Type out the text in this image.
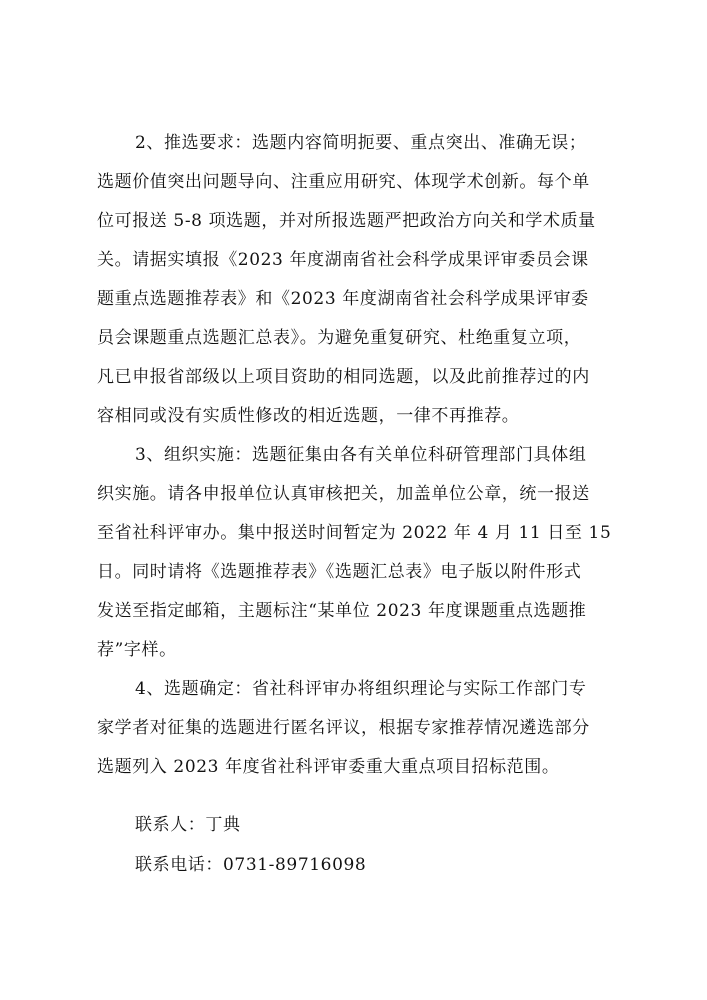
2、推选要求：选题内容简明扼要、重点突出、准确无误；
选题价值突出问题导向、注重应用研究、体现学术创新。每个单
位可报送 5-8 项选题，并对所报选题严把政治方向关和学术质量
关。请据实填报《2023 年度湖南省社会科学成果评审委员会课
题重点选题推荐表》和《2023 年度湖南省社会科学成果评审委
员会课题重点选题汇总表》。为避免重复研究、杜绝重复立项，
凡已申报省部级以上项目资助的相同选题，以及此前推荐过的内
容相同或没有实质性修改的相近选题，一律不再推荐。
3、组织实施：选题征集由各有关单位科研管理部门具体组
织实施。请各申报单位认真审核把关，加盖单位公章，统一报送
至省社科评审办。集中报送时间暂定为 2022 年 4 月 11 日至 15
日。同时请将《选题推荐表》《选题汇总表》电子版以附件形式
发送至指定邮箱，主题标注“某单位 2023 年度课题重点选题推
荐”字样。
4、选题确定：省社科评审办将组织理论与实际工作部门专
家学者对征集的选题进行匿名评议，根据专家推荐情况遴选部分
选题列入 2023 年度省社科评审委重大重点项目招标范围。
联系人：丁典
联系电话：0731-89716098
